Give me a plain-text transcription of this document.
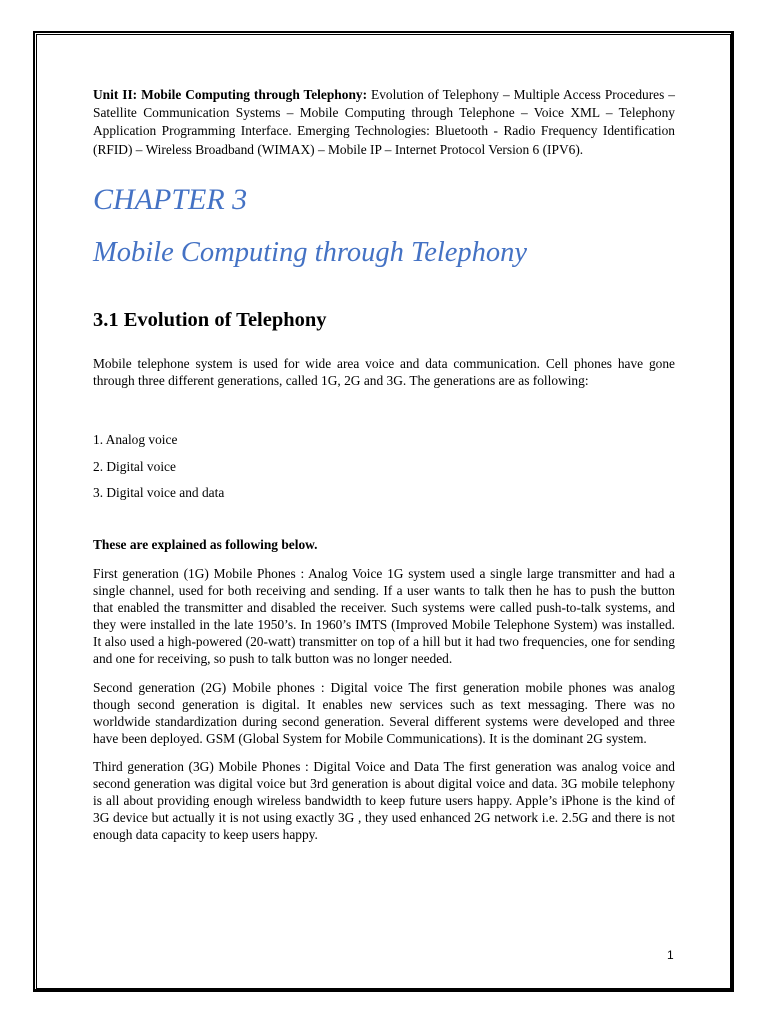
Unit II: Mobile Computing through Telephony: Evolution of Telephony – Multiple Access Procedures – Satellite Communication Systems – Mobile Computing through Telephone – Voice XML – Telephony Application Programming Interface. Emerging Technologies: Bluetooth - Radio Frequency Identification (RFID) – Wireless Broadband (WIMAX) – Mobile IP – Internet Protocol Version 6 (IPV6).

CHAPTER 3
Mobile Computing through Telephony
3.1 Evolution of Telephony

Mobile telephone system is used for wide area voice and data communication. Cell phones have gone through three different generations, called 1G, 2G and 3G. The generations are as following:

1. Analog voice
2. Digital voice
3. Digital voice and data

These are explained as following below.

First generation (1G) Mobile Phones : Analog Voice 1G system used a single large transmitter and had a single channel, used for both receiving and sending. If a user wants to talk then he has to push the button that enabled the transmitter and disabled the receiver. Such systems were called push-to-talk systems, and they were installed in the late 1950’s. In 1960’s IMTS (Improved Mobile Telephone System) was installed. It also used a high-powered (20-watt) transmitter on top of a hill but it had two frequencies, one for sending and one for receiving, so push to talk button was no longer needed.

Second generation (2G) Mobile phones : Digital voice The first generation mobile phones was analog though second generation is digital. It enables new services such as text messaging. There was no worldwide standardization during second generation. Several different systems were developed and three have been deployed. GSM (Global System for Mobile Communications). It is the dominant 2G system.

Third generation (3G) Mobile Phones : Digital Voice and Data The first generation was analog voice and second generation was digital voice but 3rd generation is about digital voice and data. 3G mobile telephony is all about providing enough wireless bandwidth to keep future users happy. Apple’s iPhone is the kind of 3G device but actually it is not using exactly 3G , they used enhanced 2G network i.e. 2.5G and there is not enough data capacity to keep users happy.

1
